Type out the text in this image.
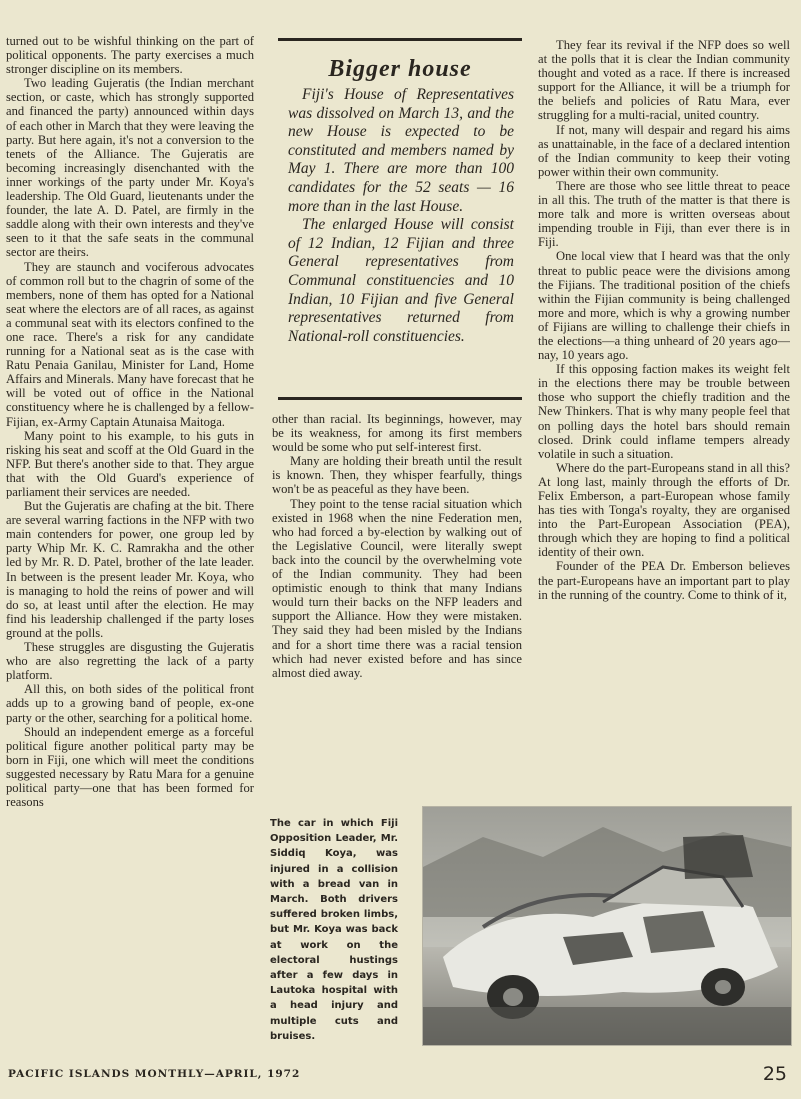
turned out to be wishful thinking on the part of political opponents. The party exercises a much stronger discipline on its members.

Two leading Gujeratis (the Indian merchant section, or caste, which has strongly supported and financed the party) announced within days of each other in March that they were leaving the party. But here again, it's not a conversion to the tenets of the Alliance. The Gujeratis are becoming increasingly disenchanted with the inner workings of the party under Mr. Koya's leadership. The Old Guard, lieutenants under the founder, the late A. D. Patel, are firmly in the saddle along with their own interests and they've seen to it that the safe seats in the communal sector are theirs.

They are staunch and vociferous advocates of common roll but to the chagrin of some of the members, none of them has opted for a National seat where the electors are of all races, as against a communal seat with its electors confined to the one race. There's a risk for any candidate running for a National seat as is the case with Ratu Penaia Ganilau, Minister for Land, Home Affairs and Minerals. Many have forecast that he will be voted out of office in the National constituency where he is challenged by a fellow-Fijian, ex-Army Captain Atunaisa Maitoga.

Many point to his example, to his guts in risking his seat and scoff at the Old Guard in the NFP. But there's another side to that. They argue that with the Old Guard's experience of parliament their services are needed.

But the Gujeratis are chafing at the bit. There are several warring factions in the NFP with two main contenders for power, one group led by party Whip Mr. K. C. Ramrakha and the other led by Mr. R. D. Patel, brother of the late leader. In between is the present leader Mr. Koya, who is managing to hold the reins of power and will do so, at least until after the election. He may find his leadership challenged if the party loses ground at the polls.

These struggles are disgusting the Gujeratis who are also regretting the lack of a party platform.

All this, on both sides of the political front adds up to a growing band of people, ex-one party or the other, searching for a political home.

Should an independent emerge as a forceful political figure another political party may be born in Fiji, one which will meet the conditions suggested necessary by Ratu Mara for a genuine political party—one that has been formed for reasons

Bigger house

Fiji's House of Representatives was dissolved on March 13, and the new House is expected to be constituted and members named by May 1. There are more than 100 candidates for the 52 seats — 16 more than in the last House.

The enlarged House will consist of 12 Indian, 12 Fijian and three General representatives from Communal constituencies and 10 Indian, 10 Fijian and five General representatives returned from National-roll constituencies.

other than racial. Its beginnings, however, may be its weakness, for among its first members would be some who put self-interest first.

Many are holding their breath until the result is known. Then, they whisper fearfully, things won't be as peaceful as they have been.

They point to the tense racial situation which existed in 1968 when the nine Federation men, who had forced a by-election by walking out of the Legislative Council, were literally swept back into the council by the overwhelming vote of the Indian community. They had been optimistic enough to think that many Indians would turn their backs on the NFP leaders and support the Alliance. How they were mistaken. They said they had been misled by the Indians and for a short time there was a racial tension which had never existed before and has since almost died away.

They fear its revival if the NFP does so well at the polls that it is clear the Indian community thought and voted as a race. If there is increased support for the Alliance, it will be a triumph for the beliefs and policies of Ratu Mara, ever struggling for a multi-racial, united country.

If not, many will despair and regard his aims as unattainable, in the face of a declared intention of the Indian community to keep their voting power within their own community.

There are those who see little threat to peace in all this. The truth of the matter is that there is more talk and more is written overseas about impending trouble in Fiji, than ever there is in Fiji.

One local view that I heard was that the only threat to public peace were the divisions among the Fijians. The traditional position of the chiefs within the Fijian community is being challenged more and more, which is why a growing number of Fijians are willing to challenge their chiefs in the elections—a thing unheard of 20 years ago—nay, 10 years ago.

If this opposing faction makes its weight felt in the elections there may be trouble between those who support the chiefly tradition and the New Thinkers. That is why many people feel that on polling days the hotel bars should remain closed. Drink could inflame tempers already volatile in such a situation.

Where do the part-Europeans stand in all this? At long last, mainly through the efforts of Dr. Felix Emberson, a part-European whose family has ties with Tonga's royalty, they are organised into the Part-European Association (PEA), through which they are hoping to find a political identity of their own.

Founder of the PEA Dr. Emberson believes the part-Europeans have an important part to play in the running of the country. Come to think of it,

The car in which Fiji Opposition Leader, Mr. Siddiq Koya, was injured in a collision with a bread van in March. Both drivers suffered broken limbs, but Mr. Koya was back at work on the electoral hustings after a few days in Lautoka hospital with a head injury and multiple cuts and bruises.
PACIFIC ISLANDS MONTHLY—APRIL, 1972	25
